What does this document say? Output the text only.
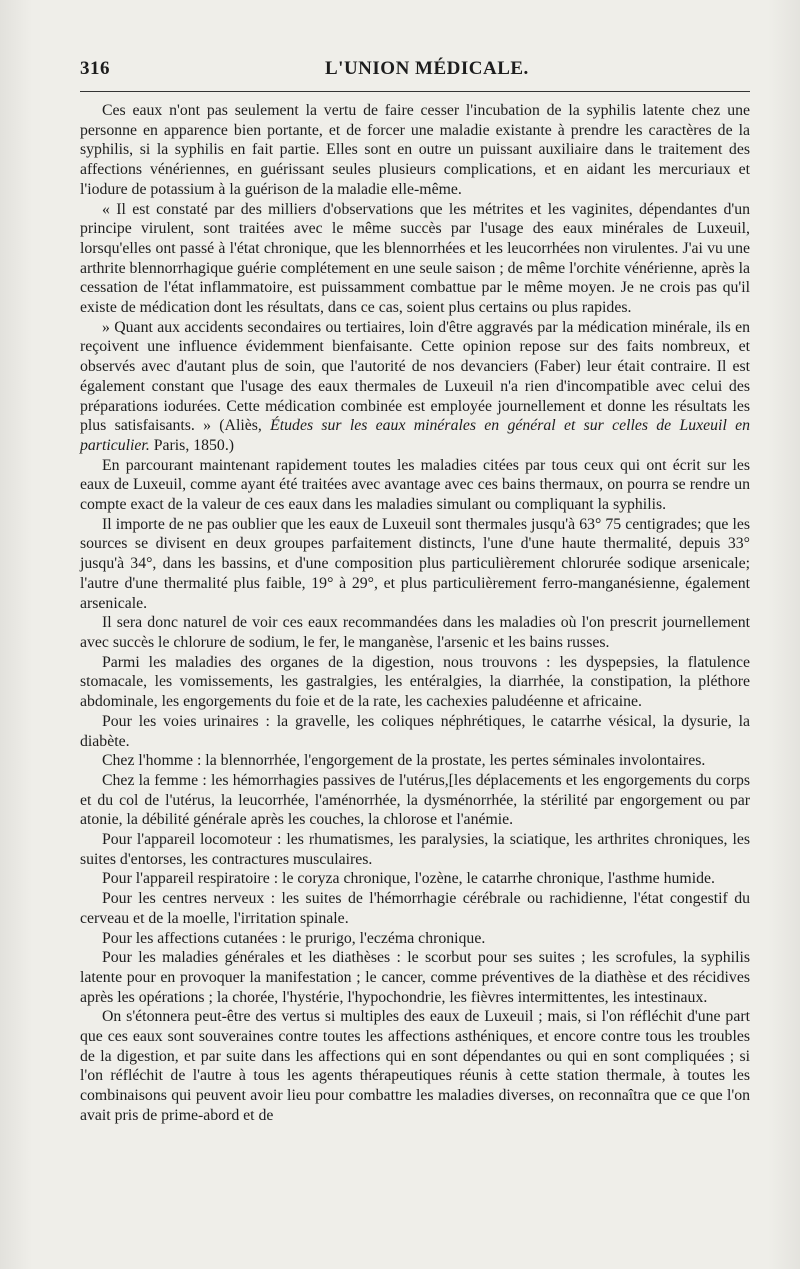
316	L'UNION MÉDICALE.

Ces eaux n'ont pas seulement la vertu de faire cesser l'incubation de la syphilis latente chez une personne en apparence bien portante, et de forcer une maladie existante à prendre les caractères de la syphilis, si la syphilis en fait partie. Elles sont en outre un puissant auxiliaire dans le traitement des affections vénériennes, en guérissant seules plusieurs complications, et en aidant les mercuriaux et l'iodure de potassium à la guérison de la maladie elle-même.

« Il est constaté par des milliers d'observations que les métrites et les vaginites, dépendantes d'un principe virulent, sont traitées avec le même succès par l'usage des eaux minérales de Luxeuil, lorsqu'elles ont passé à l'état chronique, que les blennorrhées et les leucorrhées non virulentes. J'ai vu une arthrite blennorrhagique guérie complétement en une seule saison ; de même l'orchite vénérienne, après la cessation de l'état inflammatoire, est puissamment combattue par le même moyen. Je ne crois pas qu'il existe de médication dont les résultats, dans ce cas, soient plus certains ou plus rapides.

» Quant aux accidents secondaires ou tertiaires, loin d'être aggravés par la médication minérale, ils en reçoivent une influence évidemment bienfaisante. Cette opinion repose sur des faits nombreux, et observés avec d'autant plus de soin, que l'autorité de nos devanciers (Faber) leur était contraire. Il est également constant que l'usage des eaux thermales de Luxeuil n'a rien d'incompatible avec celui des préparations iodurées. Cette médication combinée est employée journellement et donne les résultats les plus satisfaisants. » (Aliès, Études sur les eaux minérales en général et sur celles de Luxeuil en particulier. Paris, 1850.)

En parcourant maintenant rapidement toutes les maladies citées par tous ceux qui ont écrit sur les eaux de Luxeuil, comme ayant été traitées avec avantage avec ces bains thermaux, on pourra se rendre un compte exact de la valeur de ces eaux dans les maladies simulant ou compliquant la syphilis.

Il importe de ne pas oublier que les eaux de Luxeuil sont thermales jusqu'à 63° 75 centigrades; que les sources se divisent en deux groupes parfaitement distincts, l'une d'une haute thermalité, depuis 33° jusqu'à 34°, dans les bassins, et d'une composition plus particulièrement chlorurée sodique arsenicale; l'autre d'une thermalité plus faible, 19° à 29°, et plus particulièrement ferro-manganésienne, également arsenicale.

Il sera donc naturel de voir ces eaux recommandées dans les maladies où l'on prescrit journellement avec succès le chlorure de sodium, le fer, le manganèse, l'arsenic et les bains russes.

Parmi les maladies des organes de la digestion, nous trouvons : les dyspepsies, la flatulence stomacale, les vomissements, les gastralgies, les entéralgies, la diarrhée, la constipation, la pléthore abdominale, les engorgements du foie et de la rate, les cachexies paludéenne et africaine.

Pour les voies urinaires : la gravelle, les coliques néphrétiques, le catarrhe vésical, la dysurie, la diabète.

Chez l'homme : la blennorrhée, l'engorgement de la prostate, les pertes séminales involontaires.

Chez la femme : les hémorrhagies passives de l'utérus,[les déplacements et les engorgements du corps et du col de l'utérus, la leucorrhée, l'aménorrhée, la dysménorrhée, la stérilité par engorgement ou par atonie, la débilité générale après les couches, la chlorose et l'anémie.

Pour l'appareil locomoteur : les rhumatismes, les paralysies, la sciatique, les arthrites chroniques, les suites d'entorses, les contractures musculaires.

Pour l'appareil respiratoire : le coryza chronique, l'ozène, le catarrhe chronique, l'asthme humide.

Pour les centres nerveux : les suites de l'hémorrhagie cérébrale ou rachidienne, l'état congestif du cerveau et de la moelle, l'irritation spinale.

Pour les affections cutanées : le prurigo, l'eczéma chronique.

Pour les maladies générales et les diathèses : le scorbut pour ses suites ; les scrofules, la syphilis latente pour en provoquer la manifestation ; le cancer, comme préventives de la diathèse et des récidives après les opérations ; la chorée, l'hystérie, l'hypochondrie, les fièvres intermittentes, les intestinaux.

On s'étonnera peut-être des vertus si multiples des eaux de Luxeuil ; mais, si l'on réfléchit d'une part que ces eaux sont souveraines contre toutes les affections asthéniques, et encore contre tous les troubles de la digestion, et par suite dans les affections qui en sont dépendantes ou qui en sont compliquées ; si l'on réfléchit de l'autre à tous les agents thérapeutiques réunis à cette station thermale, à toutes les combinaisons qui peuvent avoir lieu pour combattre les maladies diverses, on reconnaîtra que ce que l'on avait pris de prime-abord et de
